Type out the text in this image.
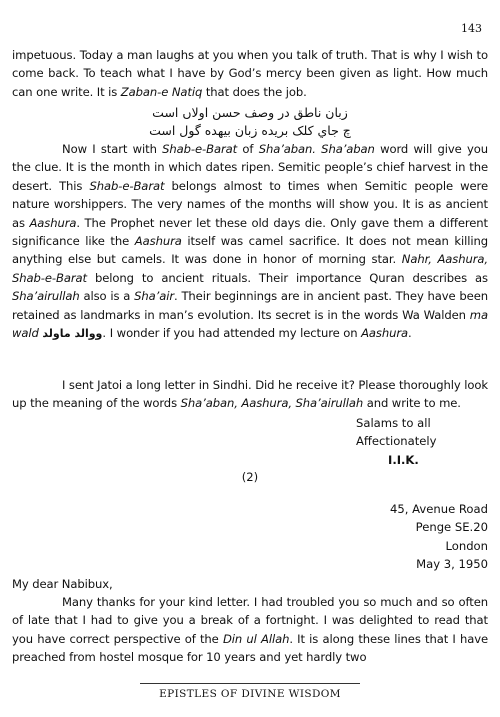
143

impetuous. Today a man laughs at you when you talk of truth. That is why I wish to come back. To teach what I have by God’s mercy been given as light. How much can one write. It is Zaban-e Natiq that does the job.

زبان ناطق در وصف حسن اولاں است
چ جاي کلک بريده زبان بيهده گول است

Now I start with Shab-e-Barat of Sha’aban. Sha’aban word will give you the clue. It is the month in which dates ripen. Semitic people’s chief harvest in the desert. This Shab-e-Barat belongs almost to times when Semitic people were nature worshippers. The very names of the months will show you. It is as ancient as Aashura. The Prophet never let these old days die. Only gave them a different significance like the Aashura itself was camel sacrifice. It does not mean killing anything else but camels. It was done in honor of morning star. Nahr, Aashura, Shab-e-Barat belong to ancient rituals. Their importance Quran describes as Sha’airullah also is a Sha’air. Their beginnings are in ancient past. They have been retained as landmarks in man’s evolution. Its secret is in the words Wa Walden ma wald ووالد ماولد. I wonder if you had attended my lecture on Aashura.

I sent Jatoi a long letter in Sindhi. Did he receive it? Please thoroughly look up the meaning of the words Sha’aban, Aashura, Sha’airullah and write to me.

Salams to all
Affectionately
I.I.K.
(2)
45, Avenue Road
Penge SE.20
London
May 3, 1950

My dear Nabibux,

Many thanks for your kind letter. I had troubled you so much and so often of late that I had to give you a break of a fortnight. I was delighted to read that you have correct perspective of the Din ul Allah. It is along these lines that I have preached from hostel mosque for 10 years and yet hardly two

EPISTLES OF DIVINE WISDOM
